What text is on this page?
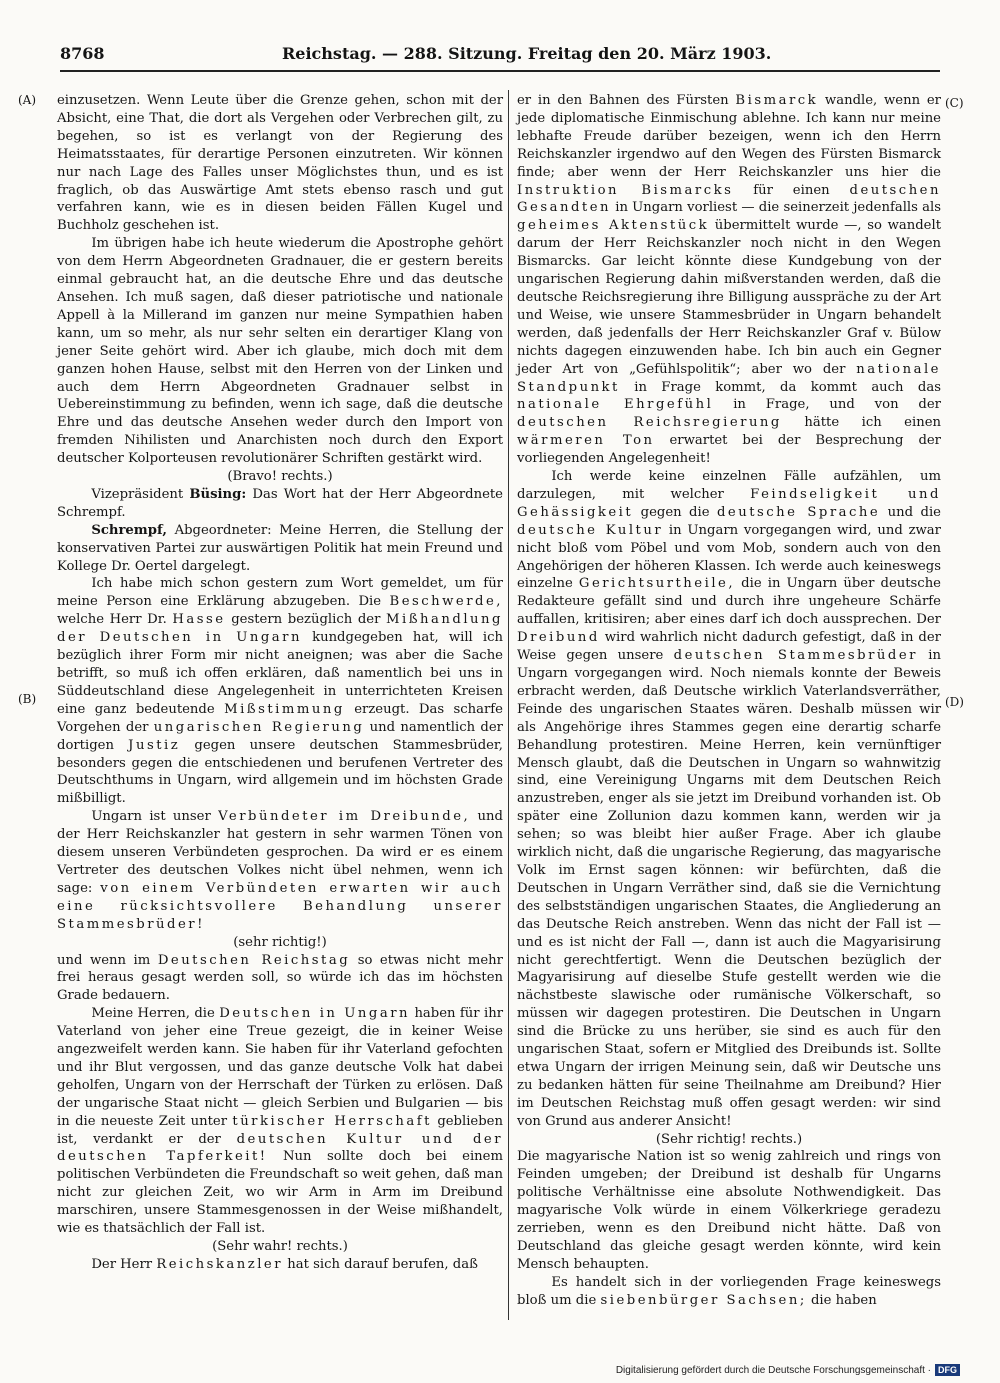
8768	Reichstag. — 288. Sitzung. Freitag den 20. März 1903.
(A)
(B)
(C)
(D)

einzusetzen. Wenn Leute über die Grenze gehen, schon mit der Absicht, eine That, die dort als Vergehen oder Verbrechen gilt, zu begehen, so ist es verlangt von der Regierung des Heimatsstaates, für derartige Personen einzutreten. Wir können nur nach Lage des Falles unser Möglichstes thun, und es ist fraglich, ob das Auswärtige Amt stets ebenso rasch und gut verfahren kann, wie es in diesen beiden Fällen Kugel und Buchholz geschehen ist.

Im übrigen habe ich heute wiederum die Apostrophe gehört von dem Herrn Abgeordneten Gradnauer, die er gestern bereits einmal gebraucht hat, an die deutsche Ehre und das deutsche Ansehen. Ich muß sagen, daß dieser patriotische und nationale Appell à la Millerand im ganzen nur meine Sympathien haben kann, um so mehr, als nur sehr selten ein derartiger Klang von jener Seite gehört wird. Aber ich glaube, mich doch mit dem ganzen hohen Hause, selbst mit den Herren von der Linken und auch dem Herrn Abgeordneten Gradnauer selbst in Uebereinstimmung zu befinden, wenn ich sage, daß die deutsche Ehre und das deutsche Ansehen weder durch den Import von fremden Nihilisten und Anarchisten noch durch den Export deutscher Kolporteusen revolutionärer Schriften gestärkt wird.

(Bravo! rechts.)

Vizepräsident Büsing: Das Wort hat der Herr Abgeordnete Schrempf.

Schrempf, Abgeordneter: Meine Herren, die Stellung der konservativen Partei zur auswärtigen Politik hat mein Freund und Kollege Dr. Oertel dargelegt.

Ich habe mich schon gestern zum Wort gemeldet, um für meine Person eine Erklärung abzugeben. Die Beschwerde, welche Herr Dr. Hasse gestern bezüglich der Mißhandlung der Deutschen in Ungarn kundgegeben hat, will ich bezüglich ihrer Form mir nicht aneignen; was aber die Sache betrifft, so muß ich offen erklären, daß namentlich bei uns in Süddeutschland diese Angelegenheit in unterrichteten Kreisen eine ganz bedeutende Mißstimmung erzeugt. Das scharfe Vorgehen der ungarischen Regierung und namentlich der dortigen Justiz gegen unsere deutschen Stammesbrüder, besonders gegen die entschiedenen und berufenen Vertreter des Deutschthums in Ungarn, wird allgemein und im höchsten Grade mißbilligt.

Ungarn ist unser Verbündeter im Dreibunde, und der Herr Reichskanzler hat gestern in sehr warmen Tönen von diesem unseren Verbündeten gesprochen. Da wird er es einem Vertreter des deutschen Volkes nicht übel nehmen, wenn ich sage: von einem Verbündeten erwarten wir auch eine rücksichtsvollere Behandlung unserer Stammesbrüder!

(sehr richtig!)

und wenn im Deutschen Reichstag so etwas nicht mehr frei heraus gesagt werden soll, so würde ich das im höchsten Grade bedauern.

Meine Herren, die Deutschen in Ungarn haben für ihr Vaterland von jeher eine Treue gezeigt, die in keiner Weise angezweifelt werden kann. Sie haben für ihr Vaterland gefochten und ihr Blut vergossen, und das ganze deutsche Volk hat dabei geholfen, Ungarn von der Herrschaft der Türken zu erlösen. Daß der ungarische Staat nicht — gleich Serbien und Bulgarien — bis in die neueste Zeit unter türkischer Herrschaft geblieben ist, verdankt er der deutschen Kultur und der deutschen Tapferkeit! Nun sollte doch bei einem politischen Verbündeten die Freundschaft so weit gehen, daß man nicht zur gleichen Zeit, wo wir Arm in Arm im Dreibund marschiren, unsere Stammesgenossen in der Weise mißhandelt, wie es thatsächlich der Fall ist.

(Sehr wahr! rechts.)

Der Herr Reichskanzler hat sich darauf berufen, daß

er in den Bahnen des Fürsten Bismarck wandle, wenn er jede diplomatische Einmischung ablehne. Ich kann nur meine lebhafte Freude darüber bezeigen, wenn ich den Herrn Reichskanzler irgendwo auf den Wegen des Fürsten Bismarck finde; aber wenn der Herr Reichskanzler uns hier die Instruktion Bismarcks für einen deutschen Gesandten in Ungarn vorliest — die seinerzeit jedenfalls als geheimes Aktenstück übermittelt wurde —, so wandelt darum der Herr Reichskanzler noch nicht in den Wegen Bismarcks. Gar leicht könnte diese Kundgebung von der ungarischen Regierung dahin mißverstanden werden, daß die deutsche Reichsregierung ihre Billigung ausspräche zu der Art und Weise, wie unsere Stammesbrüder in Ungarn behandelt werden, daß jedenfalls der Herr Reichskanzler Graf v. Bülow nichts dagegen einzuwenden habe. Ich bin auch ein Gegner jeder Art von „Gefühlspolitik“; aber wo der nationale Standpunkt in Frage kommt, da kommt auch das nationale Ehrgefühl in Frage, und von der deutschen Reichsregierung hätte ich einen wärmeren Ton erwartet bei der Besprechung der vorliegenden Angelegenheit!

Ich werde keine einzelnen Fälle aufzählen, um darzulegen, mit welcher Feindseligkeit und Gehässigkeit gegen die deutsche Sprache und die deutsche Kultur in Ungarn vorgegangen wird, und zwar nicht bloß vom Pöbel und vom Mob, sondern auch von den Angehörigen der höheren Klassen. Ich werde auch keineswegs einzelne Gerichtsurtheile, die in Ungarn über deutsche Redakteure gefällt sind und durch ihre ungeheure Schärfe auffallen, kritisiren; aber eines darf ich doch aussprechen. Der Dreibund wird wahrlich nicht dadurch gefestigt, daß in der Weise gegen unsere deutschen Stammesbrüder in Ungarn vorgegangen wird. Noch niemals konnte der Beweis erbracht werden, daß Deutsche wirklich Vaterlandsverräther, Feinde des ungarischen Staates wären. Deshalb müssen wir als Angehörige ihres Stammes gegen eine derartig scharfe Behandlung protestiren. Meine Herren, kein vernünftiger Mensch glaubt, daß die Deutschen in Ungarn so wahnwitzig sind, eine Vereinigung Ungarns mit dem Deutschen Reich anzustreben, enger als sie jetzt im Dreibund vorhanden ist. Ob später eine Zollunion dazu kommen kann, werden wir ja sehen; so was bleibt hier außer Frage. Aber ich glaube wirklich nicht, daß die ungarische Regierung, das magyarische Volk im Ernst sagen können: wir befürchten, daß die Deutschen in Ungarn Verräther sind, daß sie die Vernichtung des selbstständigen ungarischen Staates, die Angliederung an das Deutsche Reich anstreben. Wenn das nicht der Fall ist — und es ist nicht der Fall —, dann ist auch die Magyarisirung nicht gerechtfertigt. Wenn die Deutschen bezüglich der Magyarisirung auf dieselbe Stufe gestellt werden wie die nächstbeste slawische oder rumänische Völkerschaft, so müssen wir dagegen protestiren. Die Deutschen in Ungarn sind die Brücke zu uns herüber, sie sind es auch für den ungarischen Staat, sofern er Mitglied des Dreibunds ist. Sollte etwa Ungarn der irrigen Meinung sein, daß wir Deutsche uns zu bedanken hätten für seine Theilnahme am Dreibund? Hier im Deutschen Reichstag muß offen gesagt werden: wir sind von Grund aus anderer Ansicht!

(Sehr richtig! rechts.)

Die magyarische Nation ist so wenig zahlreich und rings von Feinden umgeben; der Dreibund ist deshalb für Ungarns politische Verhältnisse eine absolute Nothwendigkeit. Das magyarische Volk würde in einem Völkerkriege geradezu zerrieben, wenn es den Dreibund nicht hätte. Daß von Deutschland das gleiche gesagt werden könnte, wird kein Mensch behaupten.

Es handelt sich in der vorliegenden Frage keineswegs bloß um die siebenbürger Sachsen; die haben

Digitalisierung gefördert durch die Deutsche Forschungsgemeinschaft · DFG
